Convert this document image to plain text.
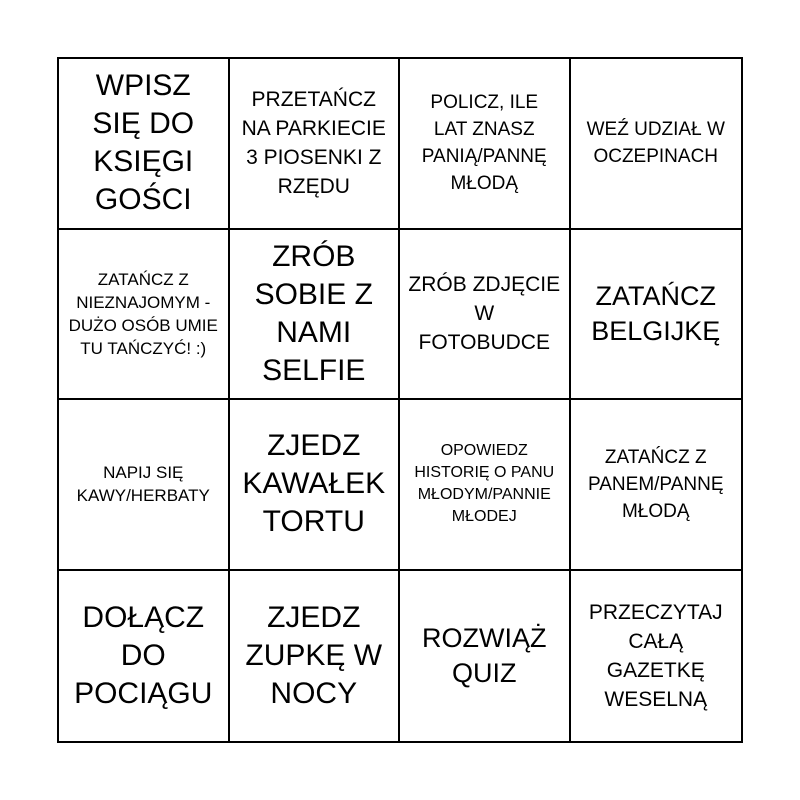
WPISZ SIĘ DO KSIĘGI GOŚCI
PRZETAŃCZ NA PARKIECIE 3 PIOSENKI Z RZĘDU
POLICZ, ILE LAT ZNASZ PANIĄ/PANNĘ MŁODĄ
WEŹ UDZIAŁ W OCZEPINACH
ZATAŃCZ Z NIEZNAJOMYM - DUŻO OSÓB UMIE TU TAŃCZYĆ! :)
ZRÓB SOBIE Z NAMI SELFIE
ZRÓB ZDJĘCIE W FOTOBUDCE
ZATAŃCZ BELGIJKĘ
NAPIJ SIĘ KAWY/HERBATY
ZJEDZ KAWAŁEK TORTU
OPOWIEDZ HISTORIĘ O PANU MŁODYM/PANNIE MŁODEJ
ZATAŃCZ Z PANEM/PANNĘ MŁODĄ
DOŁĄCZ DO POCIĄGU
ZJEDZ ZUPKĘ W NOCY
ROZWIĄŻ QUIZ
PRZECZYTAJ CAŁĄ GAZETKĘ WESELNĄ
